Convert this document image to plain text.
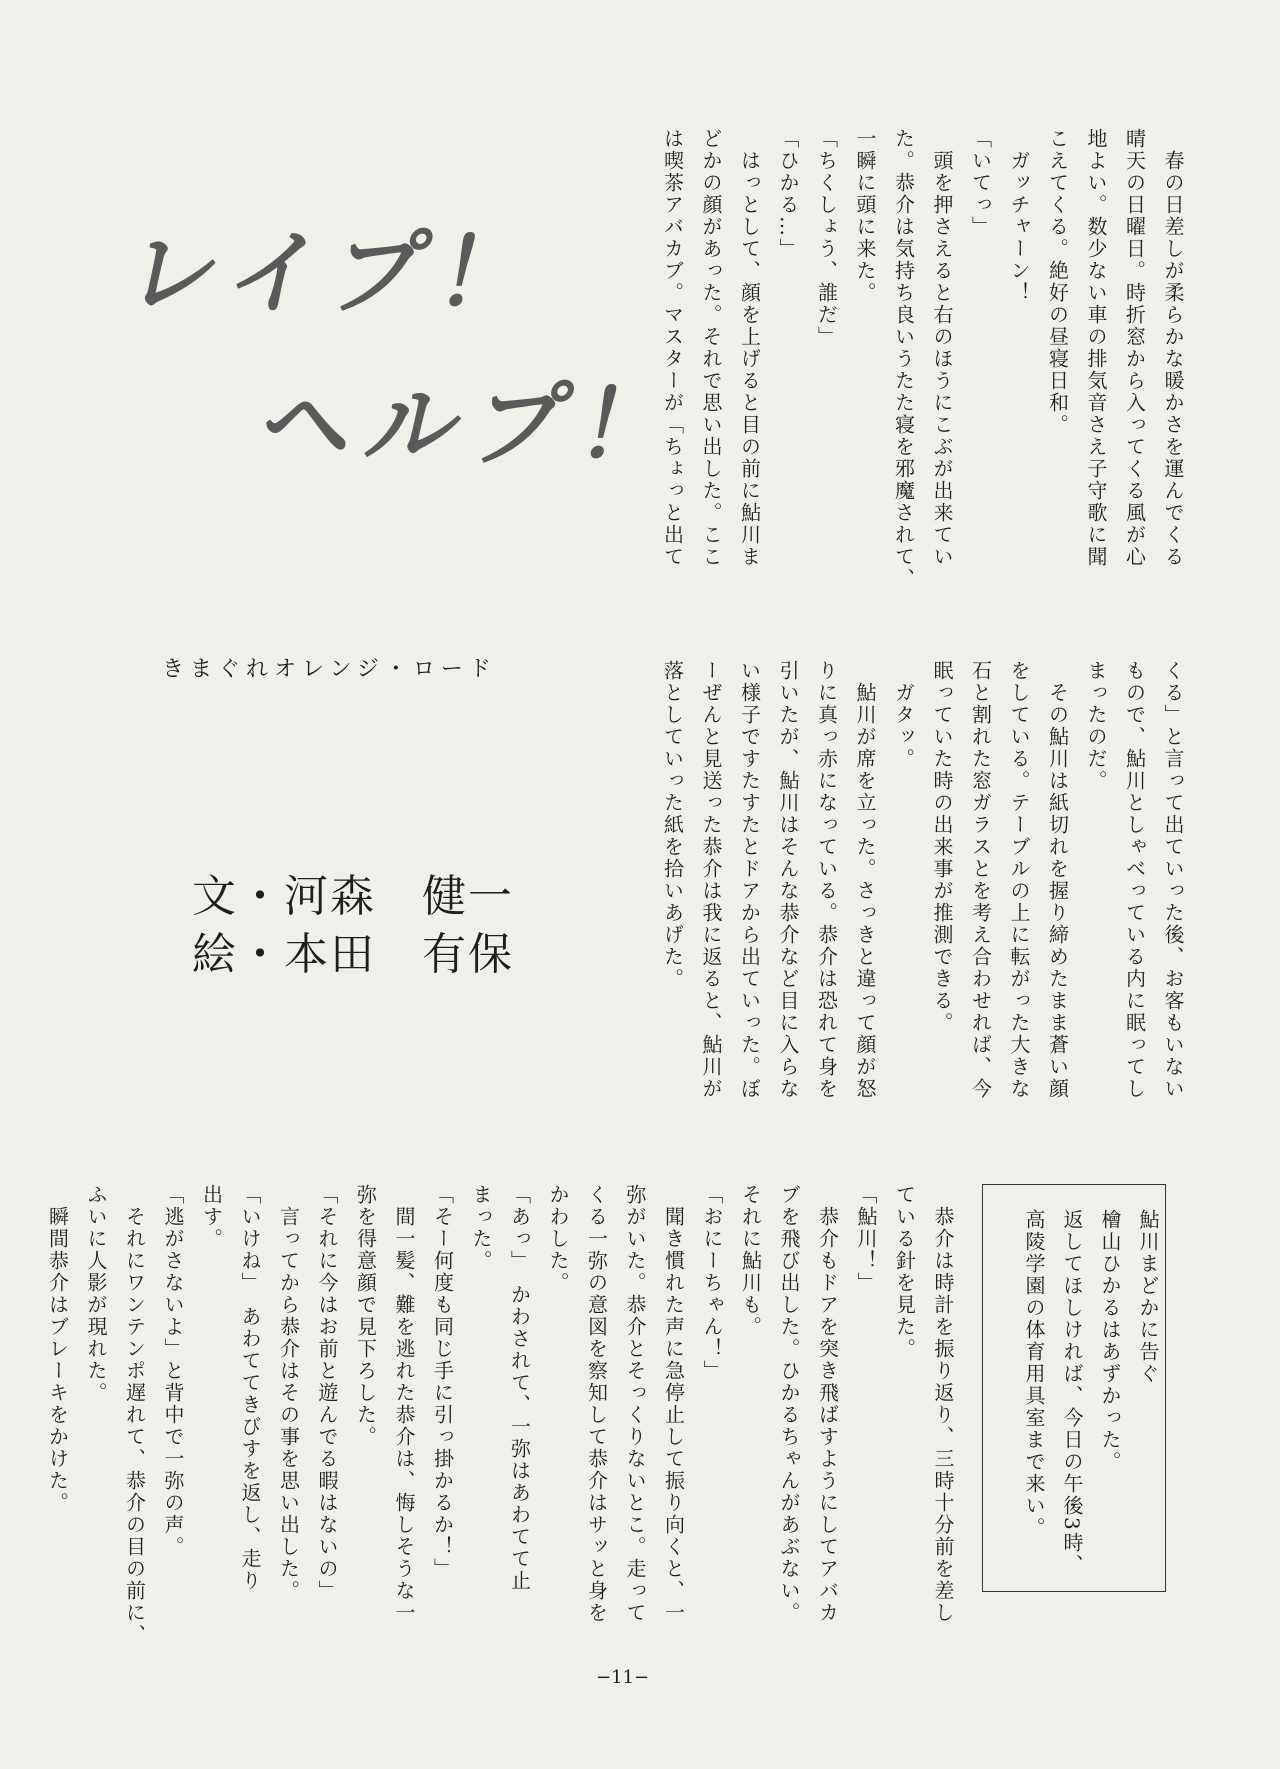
レイプ！
ヘルプ！
きまぐれオレンジ・ロード
文・河森　健一
絵・本田　有保
　春の日差しが柔らかな暖かさを運んでくる
晴天の日曜日。時折窓から入ってくる風が心
地よい。数少ない車の排気音さえ子守歌に聞
こえてくる。絶好の昼寝日和。
　ガッチャーン！
「いてっ」
　頭を押さえると右のほうにこぶが出来てい
た。恭介は気持ち良いうたた寝を邪魔されて、
一瞬に頭に来た。
「ちくしょう、誰だ」
「ひかる…」
　はっとして、顔を上げると目の前に鮎川ま
どかの顔があった。それで思い出した。ここ
は喫茶アバカブ。マスターが「ちょっと出て
くる」と言って出ていった後、お客もいない
もので、鮎川としゃべっている内に眠ってし
まったのだ。
　その鮎川は紙切れを握り締めたまま蒼い顔
をしている。テーブルの上に転がった大きな
石と割れた窓ガラスとを考え合わせれば、今
眠っていた時の出来事が推測できる。
　ガタッ。
　鮎川が席を立った。さっきと違って顔が怒
りに真っ赤になっている。恭介は恐れて身を
引いたが、鮎川はそんな恭介など目に入らな
い様子ですたすたとドアから出ていった。ぼ
ーぜんと見送った恭介は我に返ると、鮎川が
落としていった紙を拾いあげた。
鮎川まどかに告ぐ
檜山ひかるはあずかった。
返してほしければ、今日の午後3時、
高陵学園の体育用具室まで来い。
　恭介は時計を振り返り、三時十分前を差し
ている針を見た。
「鮎川！」
　恭介もドアを突き飛ばすようにしてアバカ
ブを飛び出した。ひかるちゃんがあぶない。
それに鮎川も。
「おにーちゃん！」
　聞き慣れた声に急停止して振り向くと、一
弥がいた。恭介とそっくりないとこ。走って
くる一弥の意図を察知して恭介はサッと身を
かわした。
「あっ」　かわされて、一弥はあわてて止
まった。
「そー何度も同じ手に引っ掛かるか！」
　間一髪、難を逃れた恭介は、悔しそうな一
弥を得意顔で見下ろした。
「それに今はお前と遊んでる暇はないの」
　言ってから恭介はその事を思い出した。
「いけね」　あわててきびすを返し、走り
出す。
「逃がさないよ」と背中で一弥の声。
　それにワンテンポ遅れて、恭介の目の前に、
ふいに人影が現れた。
　瞬間恭介はブレーキをかけた。
−11−
